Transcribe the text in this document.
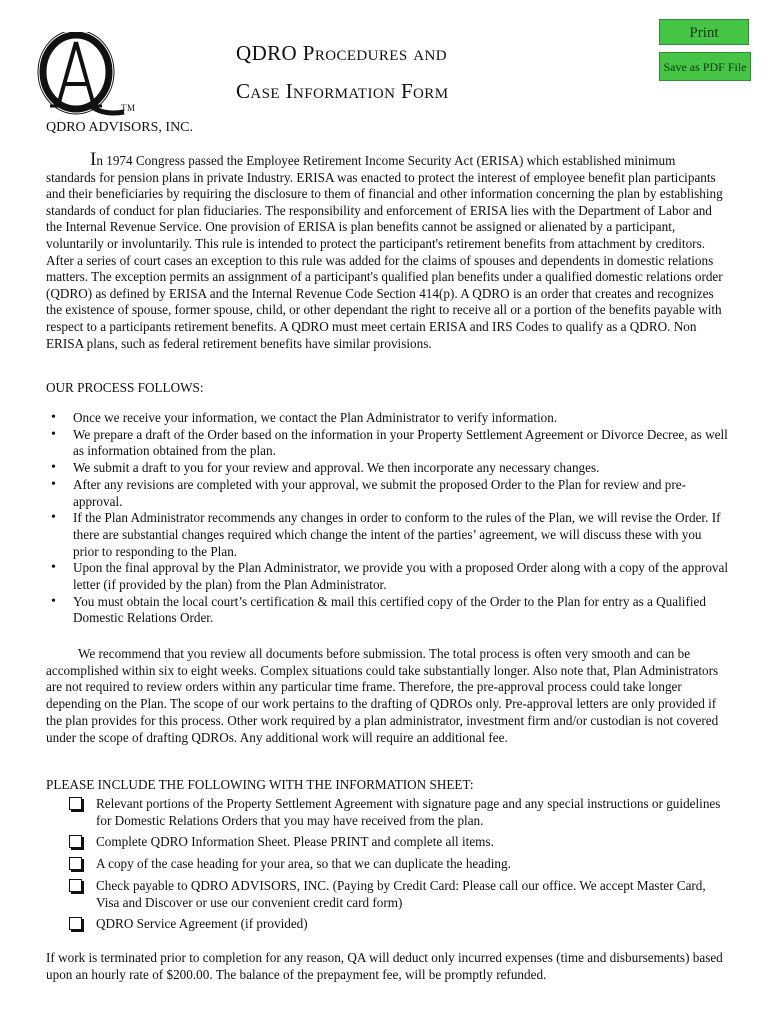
TM
QDRO Procedures and
Case Information Form
Print
Save as PDF File
QDRO ADVISORS, INC.

In 1974 Congress passed the Employee Retirement Income Security Act (ERISA) which established minimum standards for pension plans in private Industry. ERISA was enacted to protect the interest of employee benefit plan participants and their beneficiaries by requiring the disclosure to them of financial and other information concerning the plan by establishing standards of conduct for plan fiduciaries. The responsibility and enforcement of ERISA lies with the Department of Labor and the Internal Revenue Service. One provision of ERISA is plan benefits cannot be assigned or alienated by a participant, voluntarily or involuntarily. This rule is intended to protect the participant's retirement benefits from attachment by creditors. After a series of court cases an exception to this rule was added for the claims of spouses and dependents in domestic relations matters. The exception permits an assignment of a participant's qualified plan benefits under a qualified domestic relations order (QDRO) as defined by ERISA and the Internal Revenue Code Section 414(p). A QDRO is an order that creates and recognizes the existence of spouse, former spouse, child, or other dependant the right to receive all or a portion of the benefits payable with respect to a participants retirement benefits. A QDRO must meet certain ERISA and IRS Codes to qualify as a QDRO. Non ERISA plans, such as federal retirement benefits have similar provisions.

OUR PROCESS FOLLOWS:
• Once we receive your information, we contact the Plan Administrator to verify information.
• We prepare a draft of the Order based on the information in your Property Settlement Agreement or Divorce Decree, as well as information obtained from the plan.
• We submit a draft to you for your review and approval. We then incorporate any necessary changes.
• After any revisions are completed with your approval, we submit the proposed Order to the Plan for review and pre-approval.
• If the Plan Administrator recommends any changes in order to conform to the rules of the Plan, we will revise the Order. If there are substantial changes required which change the intent of the parties’ agreement, we will discuss these with you prior to responding to the Plan.
• Upon the final approval by the Plan Administrator, we provide you with a proposed Order along with a copy of the approval letter (if provided by the plan) from the Plan Administrator.
• You must obtain the local court’s certification & mail this certified copy of the Order to the Plan for entry as a Qualified Domestic Relations Order.

We recommend that you review all documents before submission. The total process is often very smooth and can be accomplished within six to eight weeks. Complex situations could take substantially longer. Also note that, Plan Administrators are not required to review orders within any particular time frame. Therefore, the pre-approval process could take longer depending on the Plan. The scope of our work pertains to the drafting of QDROs only. Pre-approval letters are only provided if the plan provides for this process. Other work required by a plan administrator, investment firm and/or custodian is not covered under the scope of drafting QDROs. Any additional work will require an additional fee.

PLEASE INCLUDE THE FOLLOWING WITH THE INFORMATION SHEET:
Relevant portions of the Property Settlement Agreement with signature page and any special instructions or guidelines for Domestic Relations Orders that you may have received from the plan.
Complete QDRO Information Sheet. Please PRINT and complete all items.
A copy of the case heading for your area, so that we can duplicate the heading.
Check payable to QDRO ADVISORS, INC. (Paying by Credit Card: Please call our office. We accept Master Card, Visa and Discover or use our convenient credit card form)
QDRO Service Agreement (if provided)

If work is terminated prior to completion for any reason, QA will deduct only incurred expenses (time and disbursements) based upon an hourly rate of $200.00. The balance of the prepayment fee, will be promptly refunded.
